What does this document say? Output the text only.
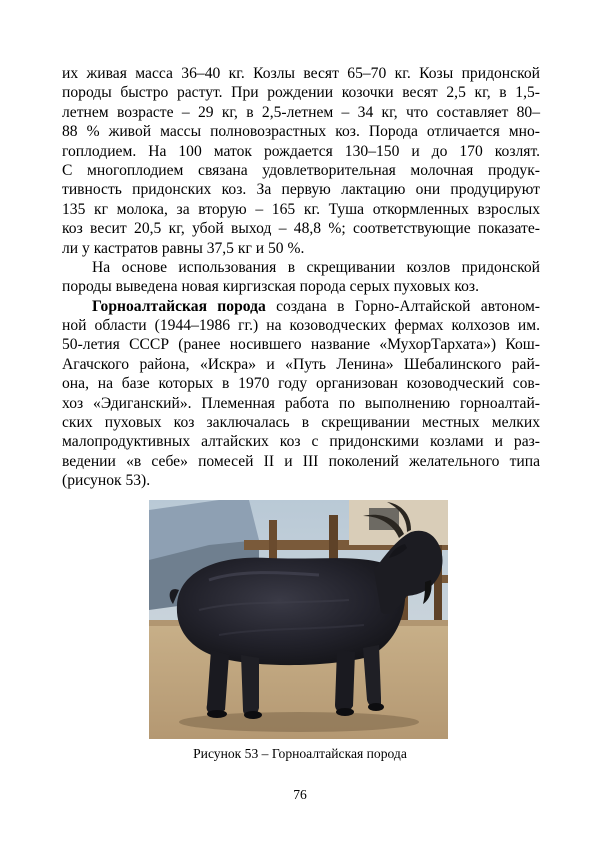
их живая масса 36–40 кг. Козлы весят 65–70 кг. Козы придонской
породы быстро растут. При рождении козочки весят 2,5 кг, в 1,5-
летнем возрасте – 29 кг, в 2,5-летнем – 34 кг, что составляет 80–
88 % живой массы полновозрастных коз. Порода отличается мно-
гоплодием. На 100 маток рождается 130–150 и до 170 козлят.
С многоплодием связана удовлетворительная молочная продук-
тивность придонских коз. За первую лактацию они продуцируют
135 кг молока, за вторую – 165 кг. Туша откормленных взрослых
коз весит 20,5 кг, убой выход – 48,8 %; соответствующие показате-
ли у кастратов равны 37,5 кг и 50 %.
На основе использования в скрещивании козлов придонской
породы выведена новая киргизская порода серых пуховых коз.
Горноалтайская порода создана в Горно-Алтайской автоном-
ной области (1944–1986 гг.) на козоводческих фермах колхозов им.
50-летия СССР (ранее носившего название «МухорТархата») Кош-
Агачского района, «Искра» и «Путь Ленина» Шебалинского рай-
она, на базе которых в 1970 году организован козоводческий сов-
хоз «Эдиганский». Племенная работа по выполнению горноалтай-
ских пуховых коз заключалась в скрещивании местных мелких
малопродуктивных алтайских коз с придонскими козлами и раз-
ведении «в себе» помесей II и III поколений желательного типа
(рисунок 53).
Рисунок 53 – Горноалтайская порода
76
